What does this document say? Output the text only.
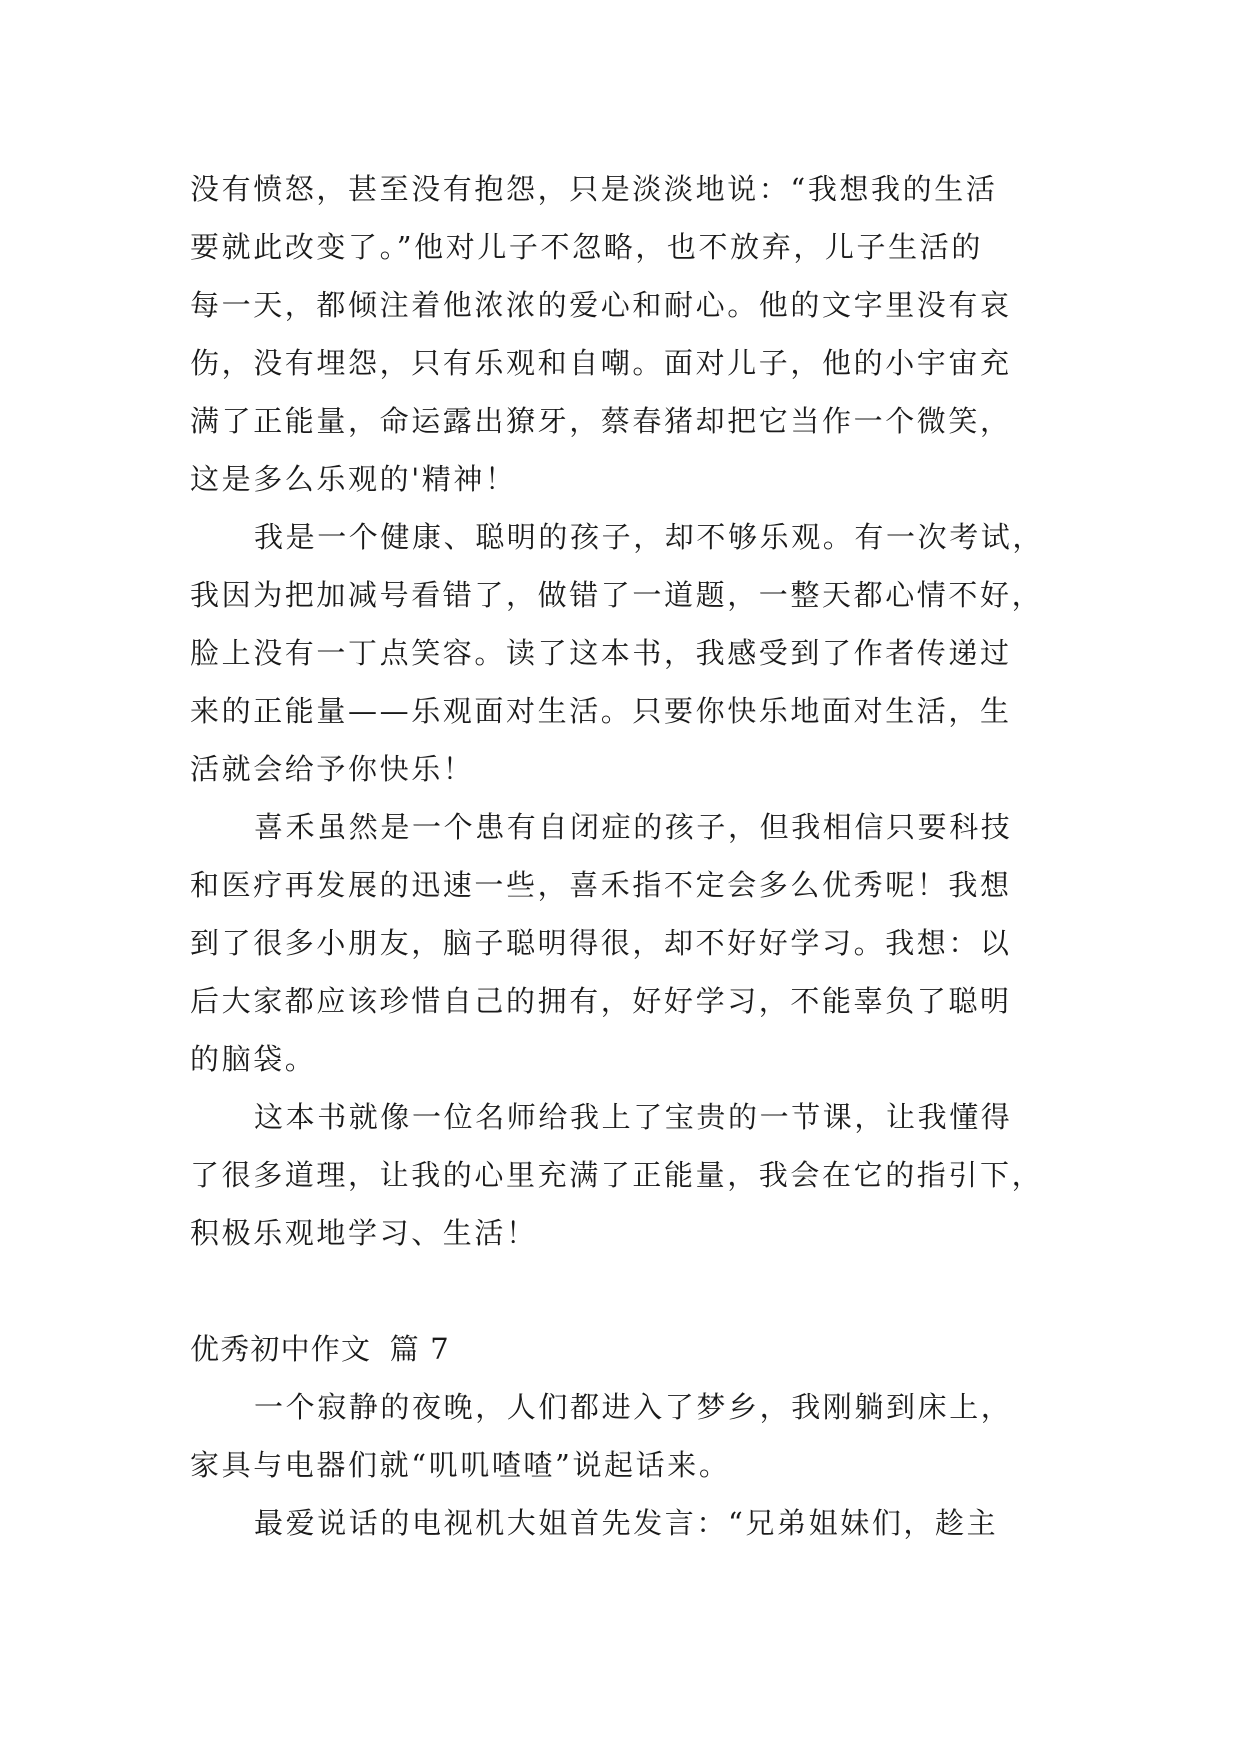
没有愤怒，甚至没有抱怨，只是淡淡地说：“我想我的生活
要就此改变了。”他对儿子不忽略，也不放弃，儿子生活的
每一天，都倾注着他浓浓的爱心和耐心。他的文字里没有哀
伤，没有埋怨，只有乐观和自嘲。面对儿子，他的小宇宙充
满了正能量，命运露出獠牙，蔡春猪却把它当作一个微笑，
这是多么乐观的'精神！
我是一个健康、聪明的孩子，却不够乐观。有一次考试，
我因为把加减号看错了，做错了一道题，一整天都心情不好，
脸上没有一丁点笑容。读了这本书，我感受到了作者传递过
来的正能量——乐观面对生活。只要你快乐地面对生活，生
活就会给予你快乐！
喜禾虽然是一个患有自闭症的孩子，但我相信只要科技
和医疗再发展的迅速一些，喜禾指不定会多么优秀呢！我想
到了很多小朋友，脑子聪明得很，却不好好学习。我想：以
后大家都应该珍惜自己的拥有，好好学习，不能辜负了聪明
的脑袋。
这本书就像一位名师给我上了宝贵的一节课，让我懂得
了很多道理，让我的心里充满了正能量，我会在它的指引下，
积极乐观地学习、生活！
优秀初中作文 篇 7
一个寂静的夜晚，人们都进入了梦乡，我刚躺到床上，
家具与电器们就“叽叽喳喳”说起话来。
最爱说话的电视机大姐首先发言：“兄弟姐妹们，趁主
